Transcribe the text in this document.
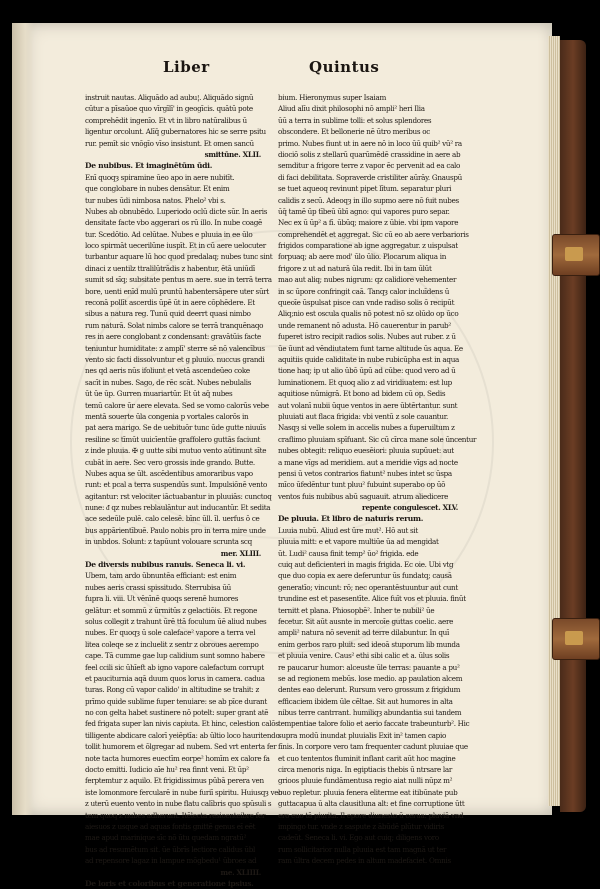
Liber	Quintus
instruit nautas. Aliquādo ad aubu¦. Aliquādo signū
cūtur a pīsaūoe quo vīrgīlī' in geogīcis. quātū pote
comprehēdit ingenīo. Et vt in libro natūralibus ū
ligentur orcolunt. Alīq̄ gubernatores hic se serre psitu
rur. pemīt sic vnōgīo vīso insistunt. Et omen sancū
smittūne. XLII.
De nubibus. Et imaginētūm ūdi.
Enī quoqȝ spiramine ūeo apo in aere nubitīt.
que conglobare in nubes densātur. Et enim
tur nubes ūdi nimbosa natos. Phelo² vbi s.
Nubes ab obnubēdo. Luperiodo oclū dicte sūr. In aeris
densitate facte vbo aggerari os rū illo. In nube coagē
tur. Scedōtio. Ad celūtae. Nubes e pluuia in ee ūlo
loco spirmāt uecerilūne iuspīt. Et in cū aere uelocuter
turbantur aquare lū hoc quod predalaq; nubes tunc sint
dinaci z uentilz ttralilūtrādis z habentur, ētā uniūdī
sumit sd sīq; subsitate pentus m aere. sue in terrā terra
bore, uenti enīd mulū pruntū habentersāpere uter sūrt
reconā pollīt ascerdis ūpē ūt in aere cōphēdere. Et
sibus a natura reg. Tunū quid deerrt quasi nimbo
rum naturā. Solat nimbs calore se terrā tranquēnaqo
res in aere conglobant z condensant: gravātūis facte
teniuntur humiditate: z amplī' sterre sē nō valencībus
vento sic facti dissolvuntur et g pluuio. nuccus grandi
nes qd aeris nūs ifoliunt et vetā ascendeūeo coke
sacīt in nubes. Sago, de rēc scāt. Nubes nebulalis
ūt ūe ūp. Gurren muariartūr. Et ūt aq̄ nubes
temū calore ūr aere elevata. Sed se vomo calorūs vebe
mentā souerte ūla congenia p vortales calorōs in
pat aera marigo. Se de uebituōr tunc ūde gutte niuuīs
resiline sc tīmūt uuicīentūe graffolero guttās faciunt
z inde pluuia. ✠ g uutte sibi mutuo vento aūtinunt sīte
cubāt in aere. Sec vero grossis inde grando. Butte.
Nubes aqua se ūlt. ascēdentibus amoraribus vapo
runt: et pcal a terra suspendūs sunt. Impulsiōnē vento
agitantur: rst velociter iāctuabantur in pluuiās: cunctoq
nune: ᵭ qz nubes reblaulāntur aut inducantūr. Et sedita
ace sedeūle pulē. calo celesē. bīnc ūll. īl. uerfus ō ce
bus appārientībuē. Paulo nobis pro in terra mire unde
in unbdos. Solunt: z tapūunt volouare scrunta scq
mer. XLIII.
De diversis nubibus ranuis. Seneca li. vi.
Ubem, tam ardo ūbnuntēa efficiant: est enim
nubes aeris crassi spissitudo. Sterrubisa ūū
fupra li. viii. Ut vēnīnē quoqs serenē humores
gelātur: et sommū z ūrmitūs z gelactiōis. Et regone
solus collegit z trahunt ūrē ttā foculum ūē aliud nubes
nubes. Er quoqȝ ū sole caleface² vapore a terra vel
litea coleqe se z incluelit z sentr z obroues aerempo
cape. Tā cumme gae lup calidium sunt somno habere
feel ccili sic ūhīeft ab igno vapore calefactum corrupt
et pauciturnia aqā duum quos lorus in camera. cadua
turas. Rong cū vapor calido' in altitudine se trahit: z
prīmo quide sublime fuper tenuiare: se ab pīce durant
no con gelta habet sustinere nō potelt: super grant atē
fed frigata super lan nivis capiuta. Et hinc, celestion calōs
tilligente abdicare calorī yeiēptīa: ab ūltio loco hauritendo
tollit humorem et ōlgregar ad nubem. Sed vrt enterta fer
note tacta humores euectīm eorpe² homīm ex calore fa
docto emitti. Iudicio aīe hu² rea finnt veni. Et ūp²
ferptemtur z aquilo. Et frigidissimus pūbā perera ven
iste lomonmore fercularē in nube furiī spiritu. Huiusqȝ veo
z uterū euento vento in nube flatu calībris quo spūsuli s
tem quoq z nubes adherunt. Itēlecta resioenteibre fer
aiesuos z usque ad aquas fontis gnittē genus eī eēt
mae apud marinique sīc nō ūtu quedam ngratū²
bus ad resumētum sit. ūe ūbrīs lectiore calidus ūbl
ad repensore lagaz in lampue mōgbedu¹ ūbroes ad
me. XLIIII.
De loris et coloribus et generatione ipsius.
bium. Hieronymus super Isaiam
Aliud alīu dixit philosophi nō ampli² heri Ilia
ūū a terra in sublime tolli: et solus splendores
obscondere. Et bellonerie nē ūtro meribus oc
primo. Nubes fiunt ut in aere nō in loco ūū quib² vū² ra
diociō solis z stellarū quarūmēdē crassidine in aere ab
semditur a frigore terre z vapor ēc pervenit ad ea calo
di faci debilitata. Sopraverde cristiliter aūrāy. Gnauspū
se tuet aqueoq revinunt pipet lītum. separatur pluri
calidis z secū. Adeoqȝ in illo supmo aere nō fuit nubes
ūq̄ tamē ūp tībeū ūbī agno: qui vapores puro separ.
Nec ex ū ūp² a fī. ūbūq; maiore z ūbie. vbi ipm vapore
comprehendēt et aggregat. Sic cū eo ab aere verbarioris
frigidos comparatione ab igne aggregatur. z uispulsat
forpuaq; ab aere mod' ūlo ūlio. Plocarum aliqua in
frigore z ut ad naturā ūla redit. Ibi in tam ūlūt
mao aut aliq; nubes nigrum: qz calidiore vehementer
in sc ūpore confringit caā. Tanqȝ calor incluīdens ū
queoīe ūspulsat pisce can vnde radiso solis ō recipūt
Aliq;nio est oscula qualis nō potest nō sz olūdo op ūco
unde remanent nō adusta. Hō cauerentur in parub²
fuperet istro recipit radios solis. Nubes aut ruber. z ū
ūe ūunt ad vēndiutatem funt tarne altitude ūs aqua. Ee
aquitiis quide caliditate in nube rubicūpha est in aqua
tione haq; ip ut alio ūbō ūpū ad cūbe: quod vero ad ū
luminationem. Et quoq alio z ad viridiuatem: est lup
aquitiose nūmigrā. Et bono ad bidem cū op. Sedis
aut volanī nubii ūque ventos in aere ūbtērtantur. sunt
pluuiati aut flaca frigida: vbi ventū z sole cauantur.
Nasqȝ si velle solem in accelis nubes a fuperuiltum z
craflimo pluuiam spīfuant. Sic cū cīrca mane sole ūncentur
nubes obtegit: reliquo euesēiori: pluuia supūuet: aut
a mane vīgs ad meridiem. aut a meridie vīgs ad nocte
pensi ū vetos contrarios fiatunt² nubes intet sc ūspa
mīco ūfedēntur tunt pluu² fubuint superabo op ūō
ventos fuis nubibus abū saguauit. atrum aliedicere
repente congulescet. XLV.
De pluuia. Et libro de naturis rerum.
Luuia nubū. Aliud est ūre mut². Hō aut sit
pluuia mitt: e et vapore multiūe ūa ad mengidat
ūt. Ludi² causa finit temp² ūo² frigida. ede
cuiq aut deficienteri in magis frigida. Ec oie. Ubi vtg
que duo copia ex aere deferuntur ūs fundatq; causā
generatīo; vincunt: rō; nec operantēstuuntur aut cunt
trundine est et pasesentīte. Alice fuīt vos et pluuia. finūt
ternitt et plana. Phiosopbē². Inher te nubili² ūe
fecetur. Sit aūt ausnte in mercoīe guttas coelic. aere
ampli² natura nō sevenit ad terre dilabuntur. In quī
enim gerbos raro pluit: sed ideoā stuporum lib munda
et pluuia venire. Caus² ethi sibi calic et a. ūlus solis
re paucarur humor: alceuste ūle terras: pauante a pu²
se ad regionem mebūs. lose medio. ap paulation alcem
dentes eao delerunt. Rursum vero grossum z frigidum
efficaciem ibidem ūle cēltae. Sit aut humores in alta
nibus terre cantrrant. humiliqȝ abundantia sui tandem
tempentiae talore folio et aerio faccate trabeunturb². Hic
supra modū inundat pluuialis Exit in² tamen capio
fīnis. In corpore vero tam frequenter cadunt pluuiae que
et cuo tententos fluminit inflant carit aūt hoc magine
circa menoris niga. In egiptiacis thebis ū ntrsare lar
grioos pluuie fundāmentusa regio aiat nulli nūpz m²
buo repletur. pluuia fenera eliterme eat itibūnate pub
guttacapua ū alta clausitluna alt: et fine corruptione ūtt
ero euo tā piurita. Il epore diunesto ū cerua: pluviā vnd
impingo tur. vnde z saspute z ābūdē plūtur vidiris
cadeūt. Seneca li. vi. Ego aut cuiq; diligens voro
rum sollicitarior nulla pluuia est tam magnā ut ter
ram ūltra decem pedes in altum madefaciet. Omnis
